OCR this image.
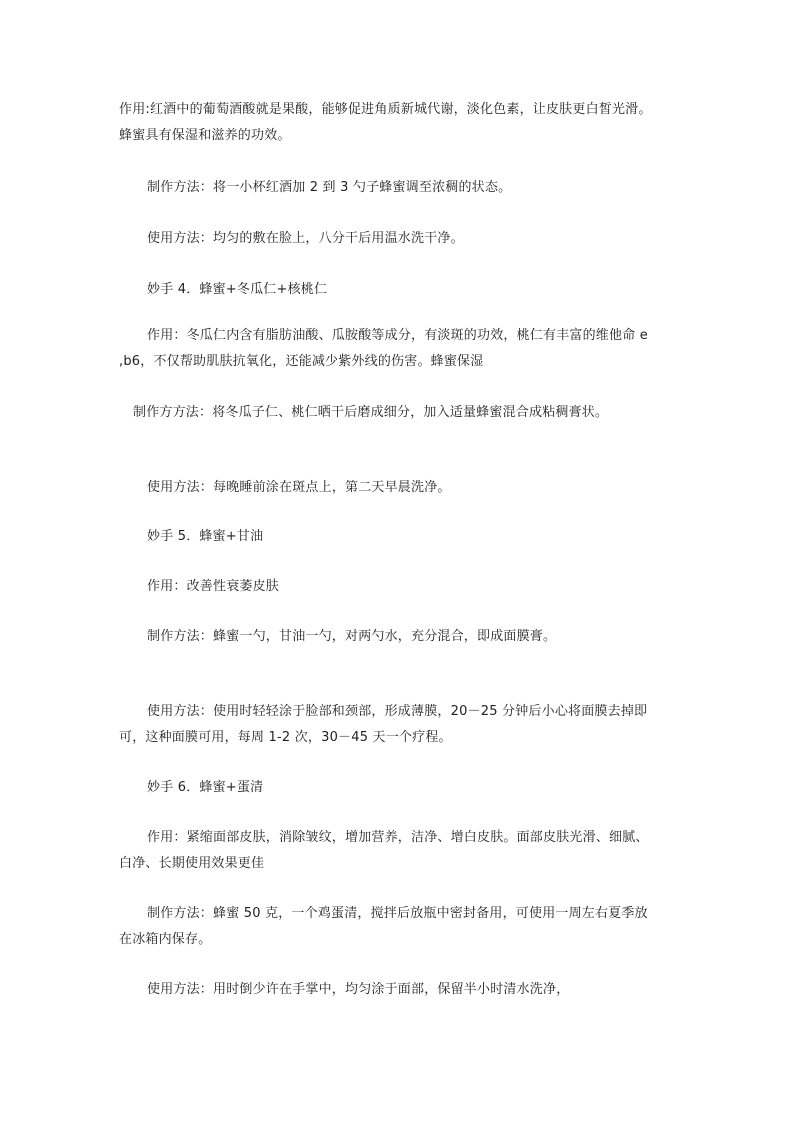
作用:红酒中的葡萄酒酸就是果酸，能够促进角质新城代谢，淡化色素，让皮肤更白皙光滑。
蜂蜜具有保湿和滋养的功效。
制作方法：将一小杯红酒加 2 到 3 勺子蜂蜜调至浓稠的状态。
使用方法：均匀的敷在脸上，八分干后用温水洗干净。
妙手 4．蜂蜜+冬瓜仁+核桃仁
作用：冬瓜仁内含有脂肪油酸、瓜胺酸等成分，有淡斑的功效，桃仁有丰富的维他命 e
,b6，不仅帮助肌肤抗氧化，还能减少紫外线的伤害。蜂蜜保湿
制作方方法：将冬瓜子仁、桃仁晒干后磨成细分，加入适量蜂蜜混合成粘稠膏状。
使用方法：每晚睡前涂在斑点上，第二天早晨洗净。
妙手 5．蜂蜜+甘油
作用：改善性衰萎皮肤
制作方法：蜂蜜一勺，甘油一勺，对两勺水，充分混合，即成面膜膏。
使用方法：使用时轻轻涂于脸部和颈部，形成薄膜，20－25 分钟后小心将面膜去掉即
可，这种面膜可用，每周 1-2 次，30－45 天一个疗程。
妙手 6．蜂蜜+蛋清
作用：紧缩面部皮肤，消除皱纹，增加营养，洁净、增白皮肤。面部皮肤光滑、细腻、
白净、长期使用效果更佳
制作方法：蜂蜜 50 克，一个鸡蛋清，搅拌后放瓶中密封备用，可使用一周左右夏季放
在冰箱内保存。
使用方法：用时倒少许在手掌中，均匀涂于面部，保留半小时清水洗净，
